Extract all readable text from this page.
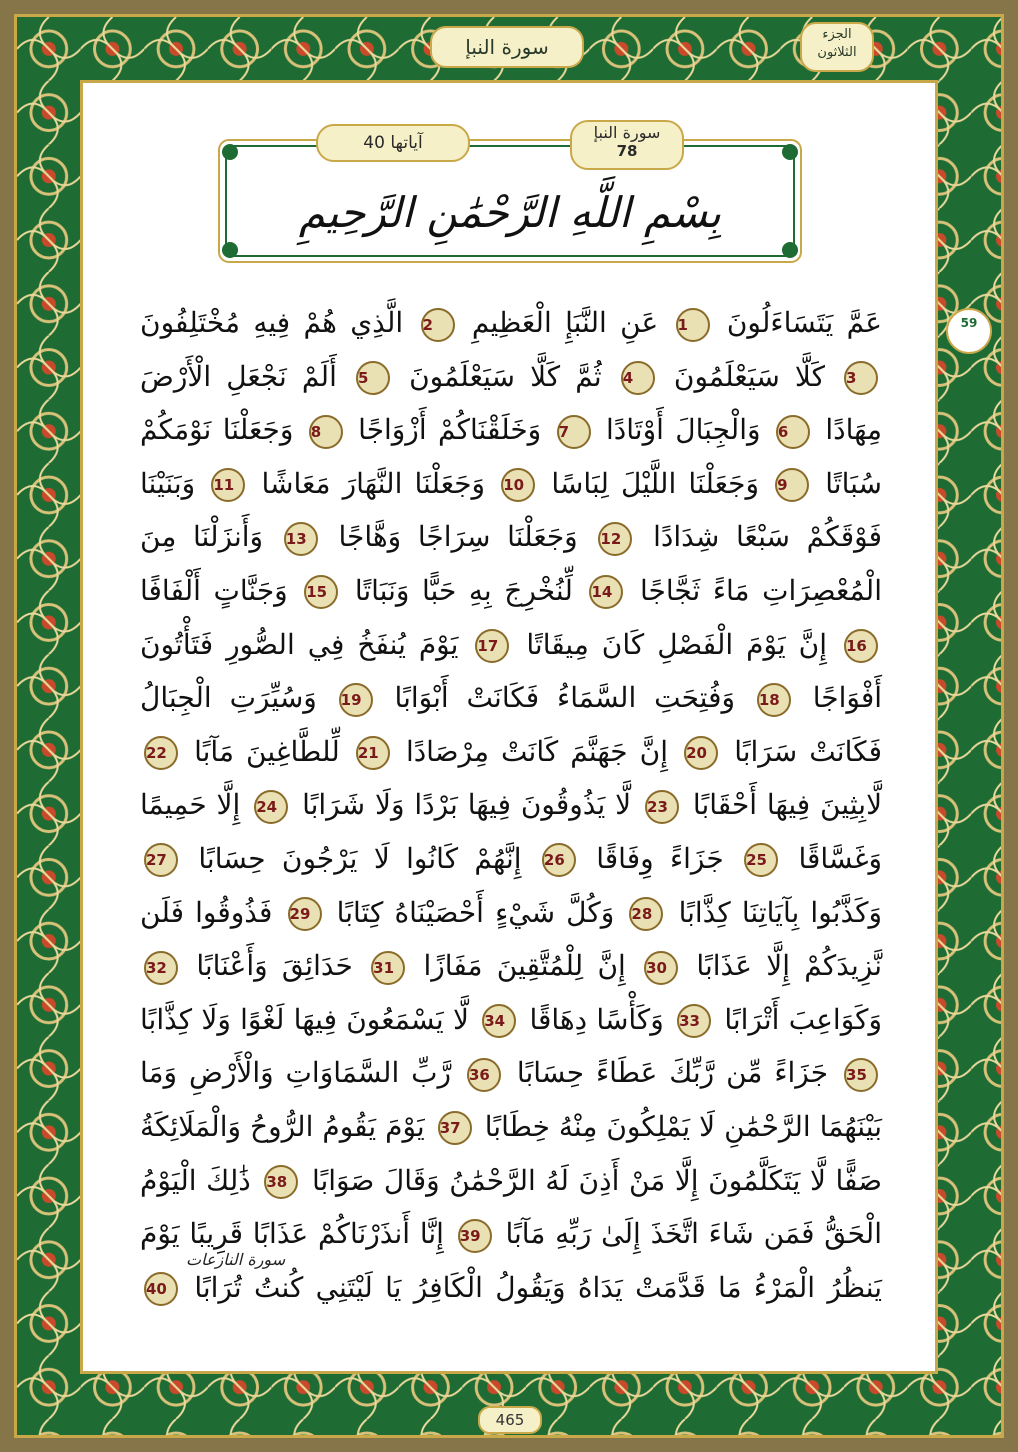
الجزء
الثلاثون
سورة النبإ
59
آياتها 40
سورة النبإ
78
بِسْمِ اللَّهِ الرَّحْمَٰنِ الرَّحِيمِ
عَمَّ يَتَسَاءَلُونَ 1 عَنِ النَّبَإِ الْعَظِيمِ 2 الَّذِي هُمْ فِيهِ مُخْتَلِفُونَ 3 كَلَّا سَيَعْلَمُونَ 4 ثُمَّ كَلَّا سَيَعْلَمُونَ 5 أَلَمْ نَجْعَلِ الْأَرْضَ مِهَادًا 6 وَالْجِبَالَ أَوْتَادًا 7 وَخَلَقْنَاكُمْ أَزْوَاجًا 8 وَجَعَلْنَا نَوْمَكُمْ سُبَاتًا 9 وَجَعَلْنَا اللَّيْلَ لِبَاسًا 10 وَجَعَلْنَا النَّهَارَ مَعَاشًا 11 وَبَنَيْنَا فَوْقَكُمْ سَبْعًا شِدَادًا 12 وَجَعَلْنَا سِرَاجًا وَهَّاجًا 13 وَأَنزَلْنَا مِنَ الْمُعْصِرَاتِ مَاءً ثَجَّاجًا 14 لِّنُخْرِجَ بِهِ حَبًّا وَنَبَاتًا 15 وَجَنَّاتٍ أَلْفَافًا 16 إِنَّ يَوْمَ الْفَصْلِ كَانَ مِيقَاتًا 17 يَوْمَ يُنفَخُ فِي الصُّورِ فَتَأْتُونَ أَفْوَاجًا 18 وَفُتِحَتِ السَّمَاءُ فَكَانَتْ أَبْوَابًا 19 وَسُيِّرَتِ الْجِبَالُ فَكَانَتْ سَرَابًا 20 إِنَّ جَهَنَّمَ كَانَتْ مِرْصَادًا 21 لِّلطَّاغِينَ مَآبًا 22 لَّابِثِينَ فِيهَا أَحْقَابًا 23 لَّا يَذُوقُونَ فِيهَا بَرْدًا وَلَا شَرَابًا 24 إِلَّا حَمِيمًا وَغَسَّاقًا 25 جَزَاءً وِفَاقًا 26 إِنَّهُمْ كَانُوا لَا يَرْجُونَ حِسَابًا 27 وَكَذَّبُوا بِآيَاتِنَا كِذَّابًا 28 وَكُلَّ شَيْءٍ أَحْصَيْنَاهُ كِتَابًا 29 فَذُوقُوا فَلَن نَّزِيدَكُمْ إِلَّا عَذَابًا 30 إِنَّ لِلْمُتَّقِينَ مَفَازًا 31 حَدَائِقَ وَأَعْنَابًا 32 وَكَوَاعِبَ أَتْرَابًا 33 وَكَأْسًا دِهَاقًا 34 لَّا يَسْمَعُونَ فِيهَا لَغْوًا وَلَا كِذَّابًا 35 جَزَاءً مِّن رَّبِّكَ عَطَاءً حِسَابًا 36 رَّبِّ السَّمَاوَاتِ وَالْأَرْضِ وَمَا بَيْنَهُمَا الرَّحْمَٰنِ لَا يَمْلِكُونَ مِنْهُ خِطَابًا 37 يَوْمَ يَقُومُ الرُّوحُ وَالْمَلَائِكَةُ صَفًّا لَّا يَتَكَلَّمُونَ إِلَّا مَنْ أَذِنَ لَهُ الرَّحْمَٰنُ وَقَالَ صَوَابًا 38 ذَٰلِكَ الْيَوْمُ الْحَقُّ فَمَن شَاءَ اتَّخَذَ إِلَىٰ رَبِّهِ مَآبًا 39 إِنَّا أَنذَرْنَاكُمْ عَذَابًا قَرِيبًا يَوْمَ يَنظُرُ الْمَرْءُ مَا قَدَّمَتْ يَدَاهُ وَيَقُولُ الْكَافِرُ يَا لَيْتَنِي كُنتُ تُرَابًا 40
سورة النازعات
465
